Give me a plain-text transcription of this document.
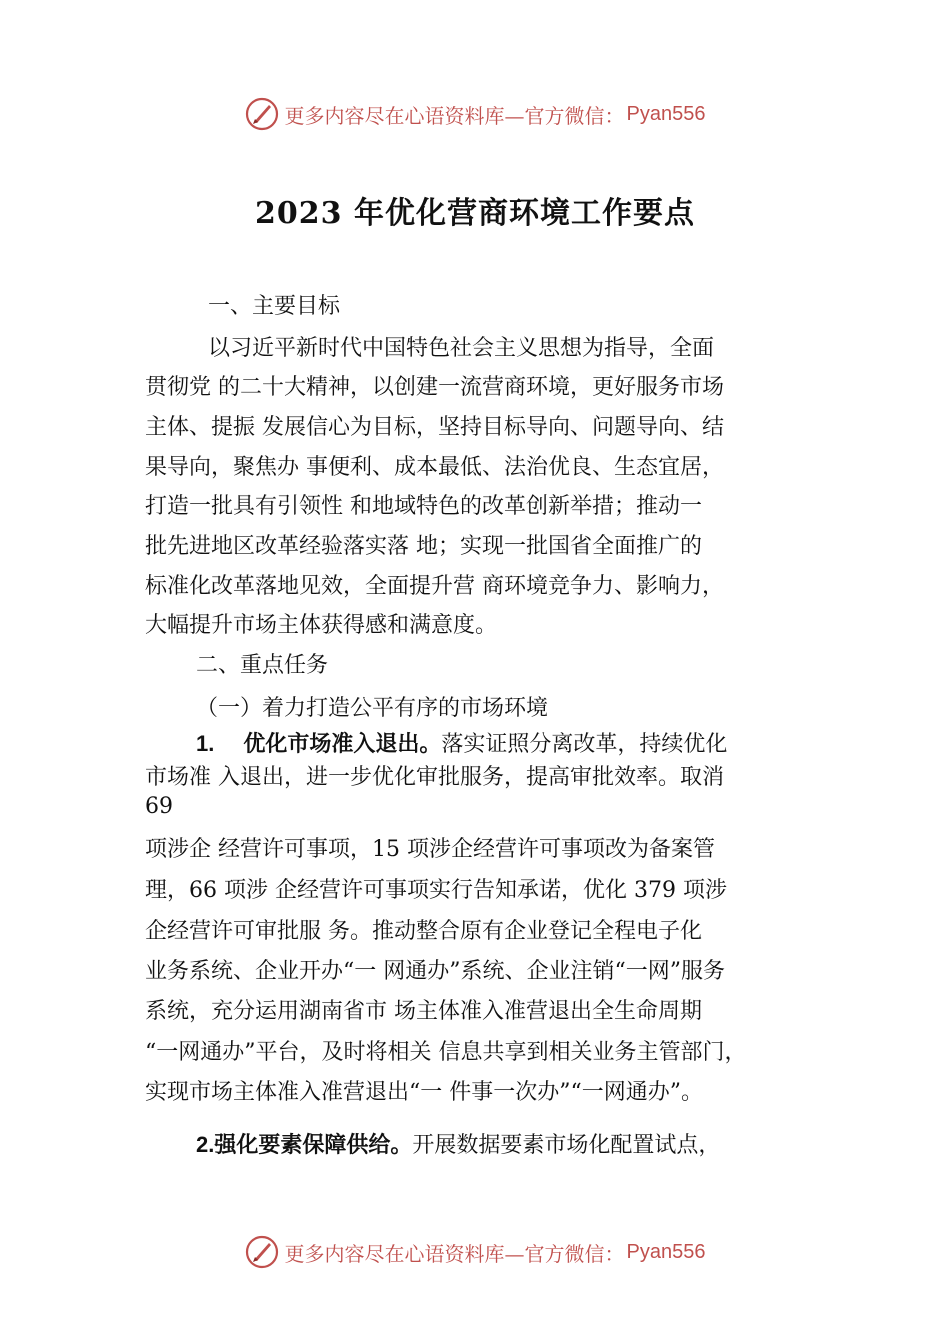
更多内容尽在心语资料库—官方微信： Pyan556
2023 年优化营商环境工作要点
一、主要目标
以习近平新时代中国特色社会主义思想为指导，全面
贯彻党 的二十大精神，以创建一流营商环境，更好服务市场
主体、提振 发展信心为目标，坚持目标导向、问题导向、结
果导向，聚焦办 事便利、成本最低、法治优良、生态宜居，
打造一批具有引领性 和地域特色的改革创新举措；推动一
批先进地区改革经验落实落 地；实现一批国省全面推广的
标准化改革落地见效，全面提升营 商环境竞争力、影响力，
大幅提升市场主体获得感和满意度。
二、重点任务
（一）着力打造公平有序的市场环境
1. 优化市场准入退出。落实证照分离改革，持续优化
市场准 入退出，进一步优化审批服务，提高审批效率。取消
69
项涉企 经营许可事项，15 项涉企经营许可事项改为备案管
理，66 项涉 企经营许可事项实行告知承诺，优化 379 项涉
企经营许可审批服 务。推动整合原有企业登记全程电子化
业务系统、企业开办“一 网通办”系统、企业注销“一网”服务
系统，充分运用湖南省市 场主体准入准营退出全生命周期
“一网通办”平台，及时将相关 信息共享到相关业务主管部门，
实现市场主体准入准营退出“一 件事一次办”“一网通办”。
2.强化要素保障供给。开展数据要素市场化配置试点，
更多内容尽在心语资料库—官方微信： Pyan556
